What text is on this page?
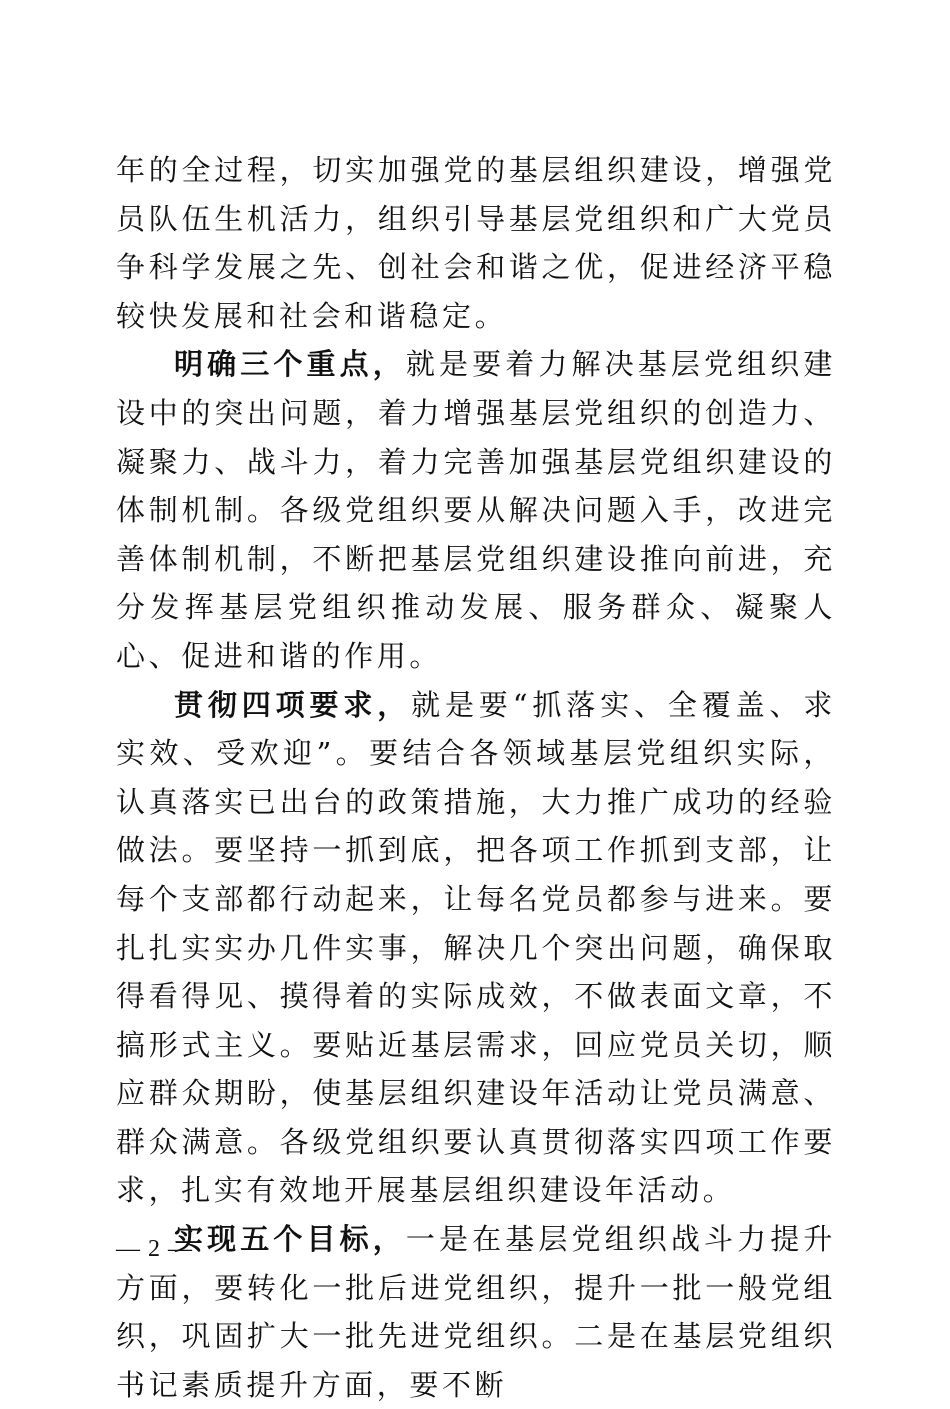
年的全过程，切实加强党的基层组织建设，增强党员队伍生机活力，组织引导基层党组织和广大党员争科学发展之先、创社会和谐之优，促进经济平稳较快发展和社会和谐稳定。

明确三个重点，就是要着力解决基层党组织建设中的突出问题，着力增强基层党组织的创造力、凝聚力、战斗力，着力完善加强基层党组织建设的体制机制。各级党组织要从解决问题入手，改进完善体制机制，不断把基层党组织建设推向前进，充分发挥基层党组织推动发展、服务群众、凝聚人心、促进和谐的作用。

贯彻四项要求，就是要“抓落实、全覆盖、求实效、受欢迎”。要结合各领域基层党组织实际，认真落实已出台的政策措施，大力推广成功的经验做法。要坚持一抓到底，把各项工作抓到支部，让每个支部都行动起来，让每名党员都参与进来。要扎扎实实办几件实事，解决几个突出问题，确保取得看得见、摸得着的实际成效，不做表面文章，不搞形式主义。要贴近基层需求，回应党员关切，顺应群众期盼，使基层组织建设年活动让党员满意、群众满意。各级党组织要认真贯彻落实四项工作要求，扎实有效地开展基层组织建设年活动。

实现五个目标，一是在基层党组织战斗力提升方面，要转化一批后进党组织，提升一批一般党组织，巩固扩大一批先进党组织。二是在基层党组织书记素质提升方面，要不断

— 2 —
